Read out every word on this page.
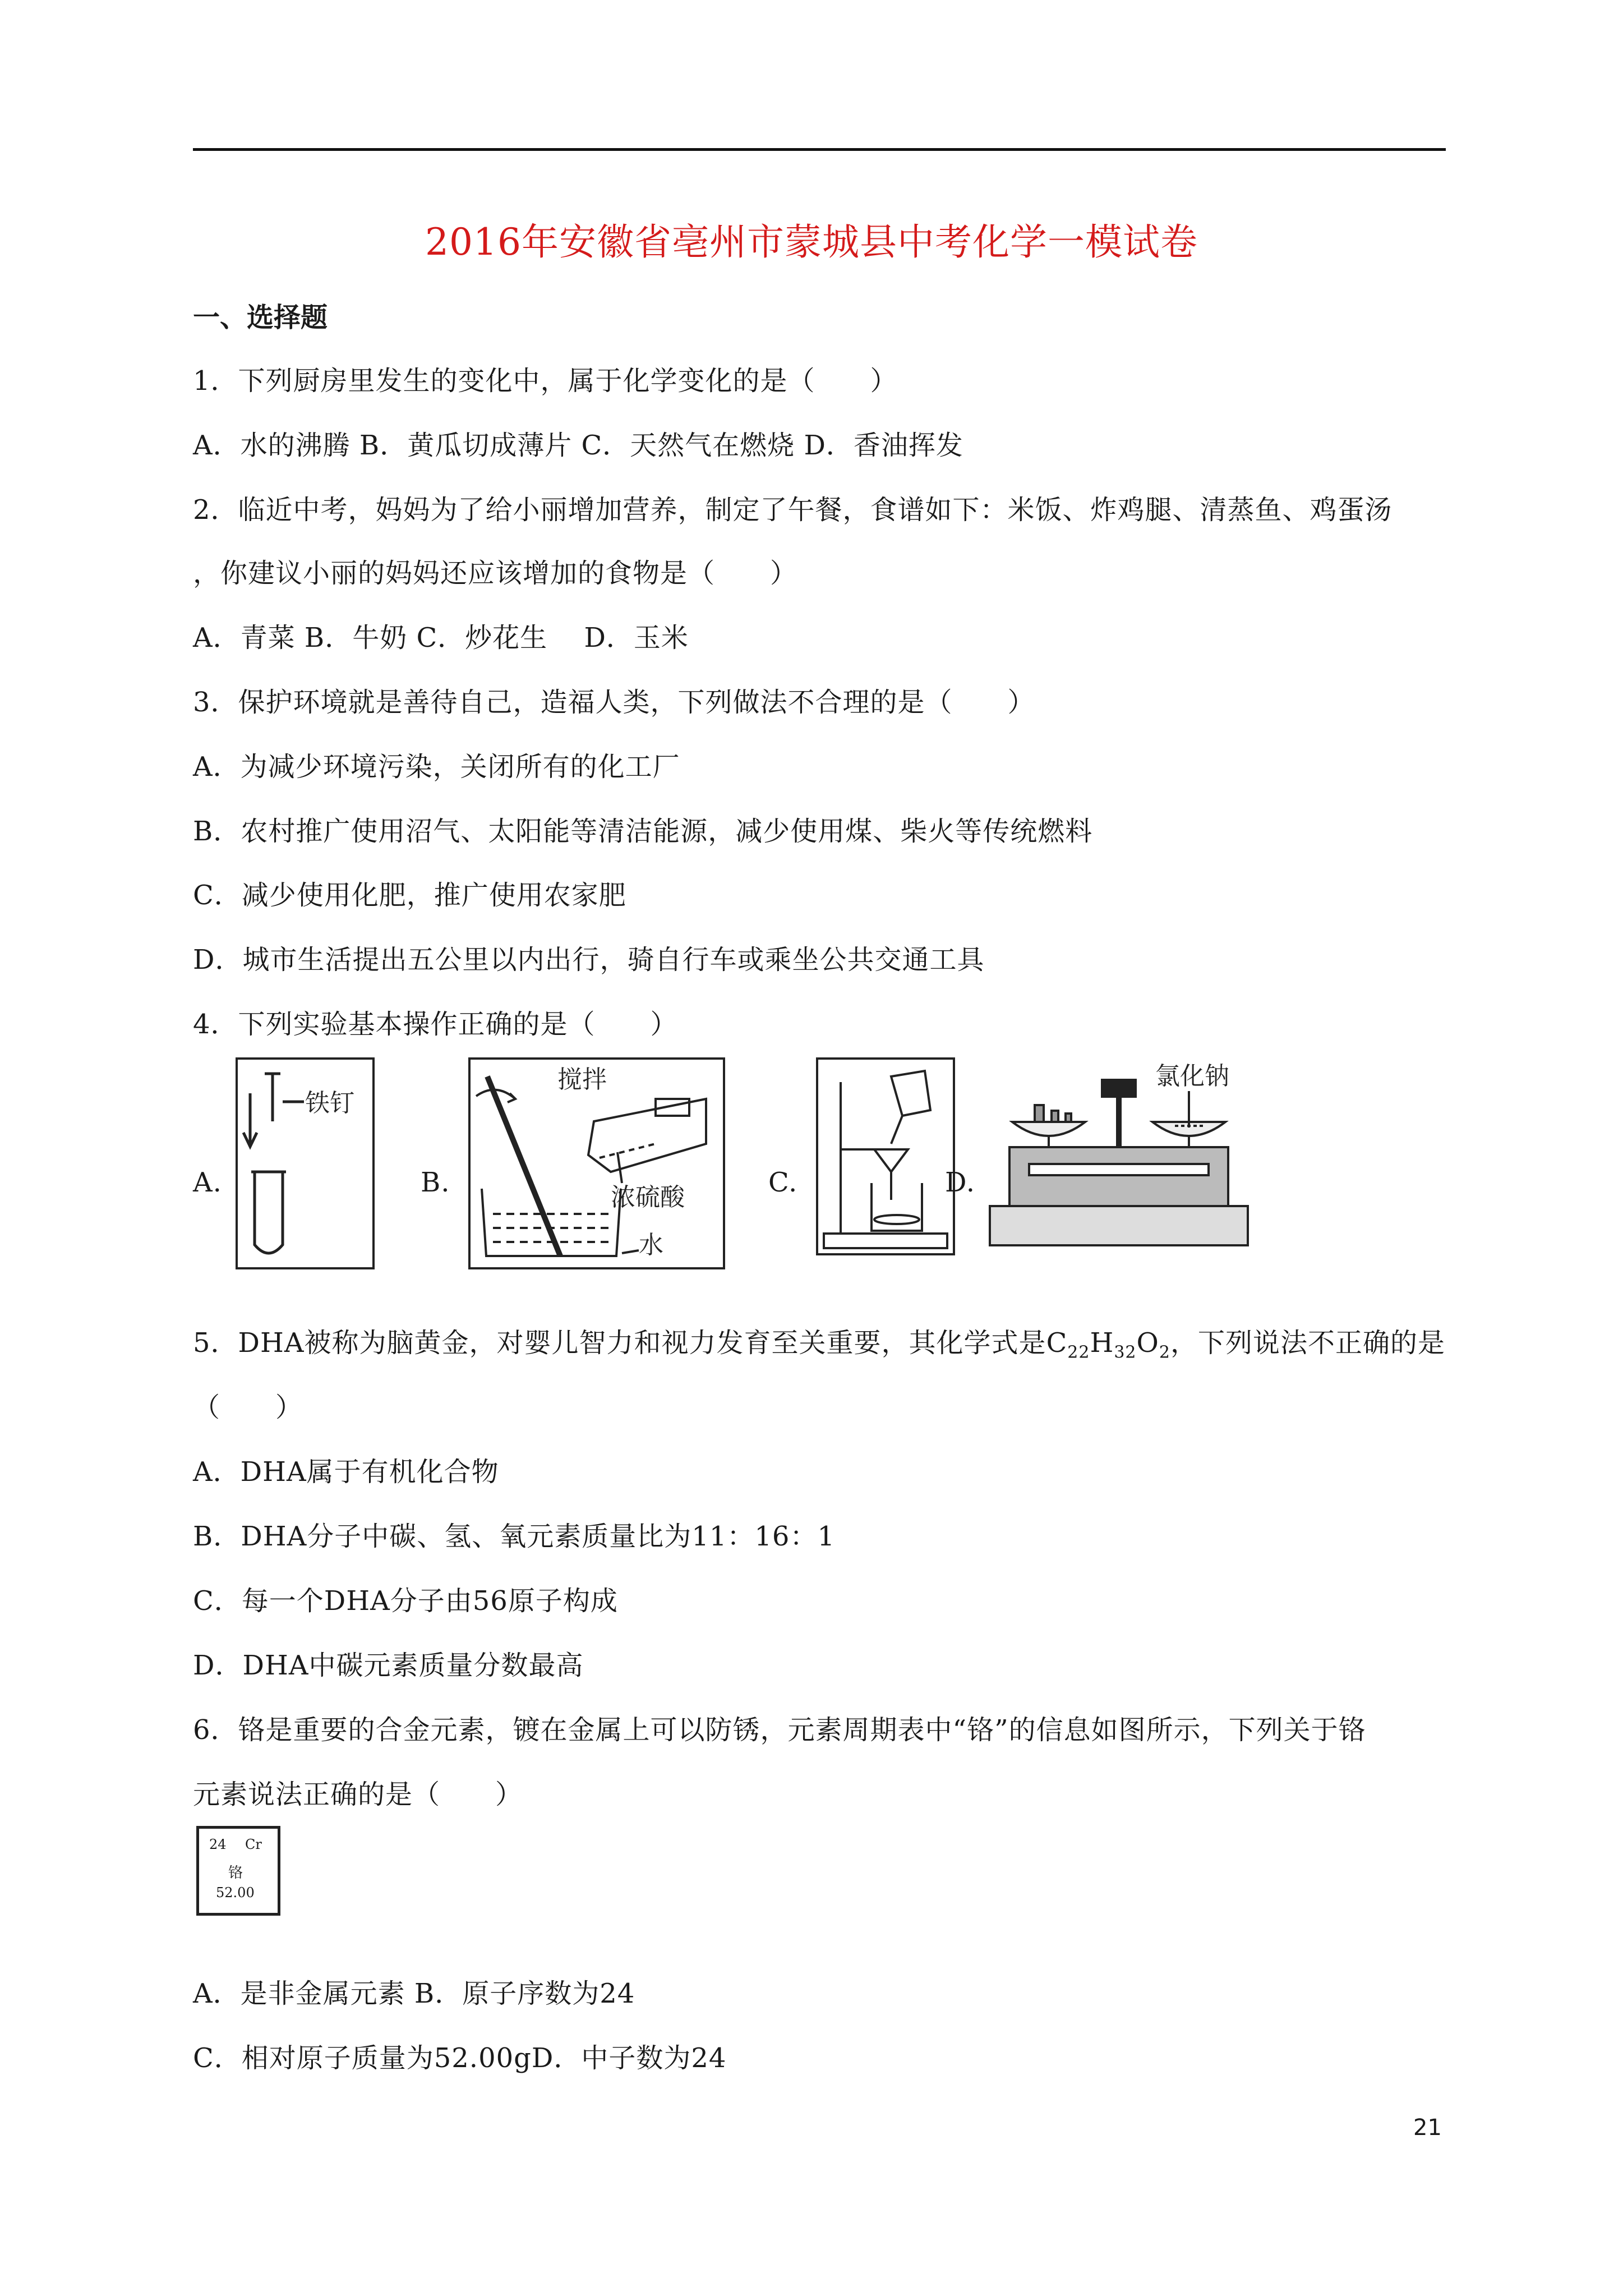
2016年安徽省亳州市蒙城县中考化学一模试卷
一、选择题
1．下列厨房里发生的变化中，属于化学变化的是（　　）
A．水的沸腾 B．黄瓜切成薄片 C．天然气在燃烧 D．香油挥发
2．临近中考，妈妈为了给小丽增加营养，制定了午餐，食谱如下：米饭、炸鸡腿、清蒸鱼、鸡蛋汤
，你建议小丽的妈妈还应该增加的食物是（　　）
A．青菜 B．牛奶 C．炒花生　 D．玉米
3．保护环境就是善待自己，造福人类，下列做法不合理的是（　　）
A．为减少环境污染，关闭所有的化工厂
B．农村推广使用沼气、太阳能等清洁能源，减少使用煤、柴火等传统燃料
C．减少使用化肥，推广使用农家肥
D．城市生活提出五公里以内出行，骑自行车或乘坐公共交通工具
4．下列实验基本操作正确的是（　　）
A.
铁钉
B.
搅拌
浓硫酸
水
C.	D.
氯化钠
5．DHA被称为脑黄金，对婴儿智力和视力发育至关重要，其化学式是$C_{22}H_{32}O_2$，下列说法不正确的是
（　　）
A．DHA属于有机化合物
B．DHA分子中碳、氢、氧元素质量比为11：16：1
C．每一个DHA分子由56原子构成
D．DHA中碳元素质量分数最高
6．铬是重要的合金元素，镀在金属上可以防锈，元素周期表中“铬”的信息如图所示，下列关于铬
元素说法正确的是（　　）
24 Cr
铬
52.00
A．是非金属元素 B．原子序数为24
C．相对原子质量为52.00gD．中子数为24
21
